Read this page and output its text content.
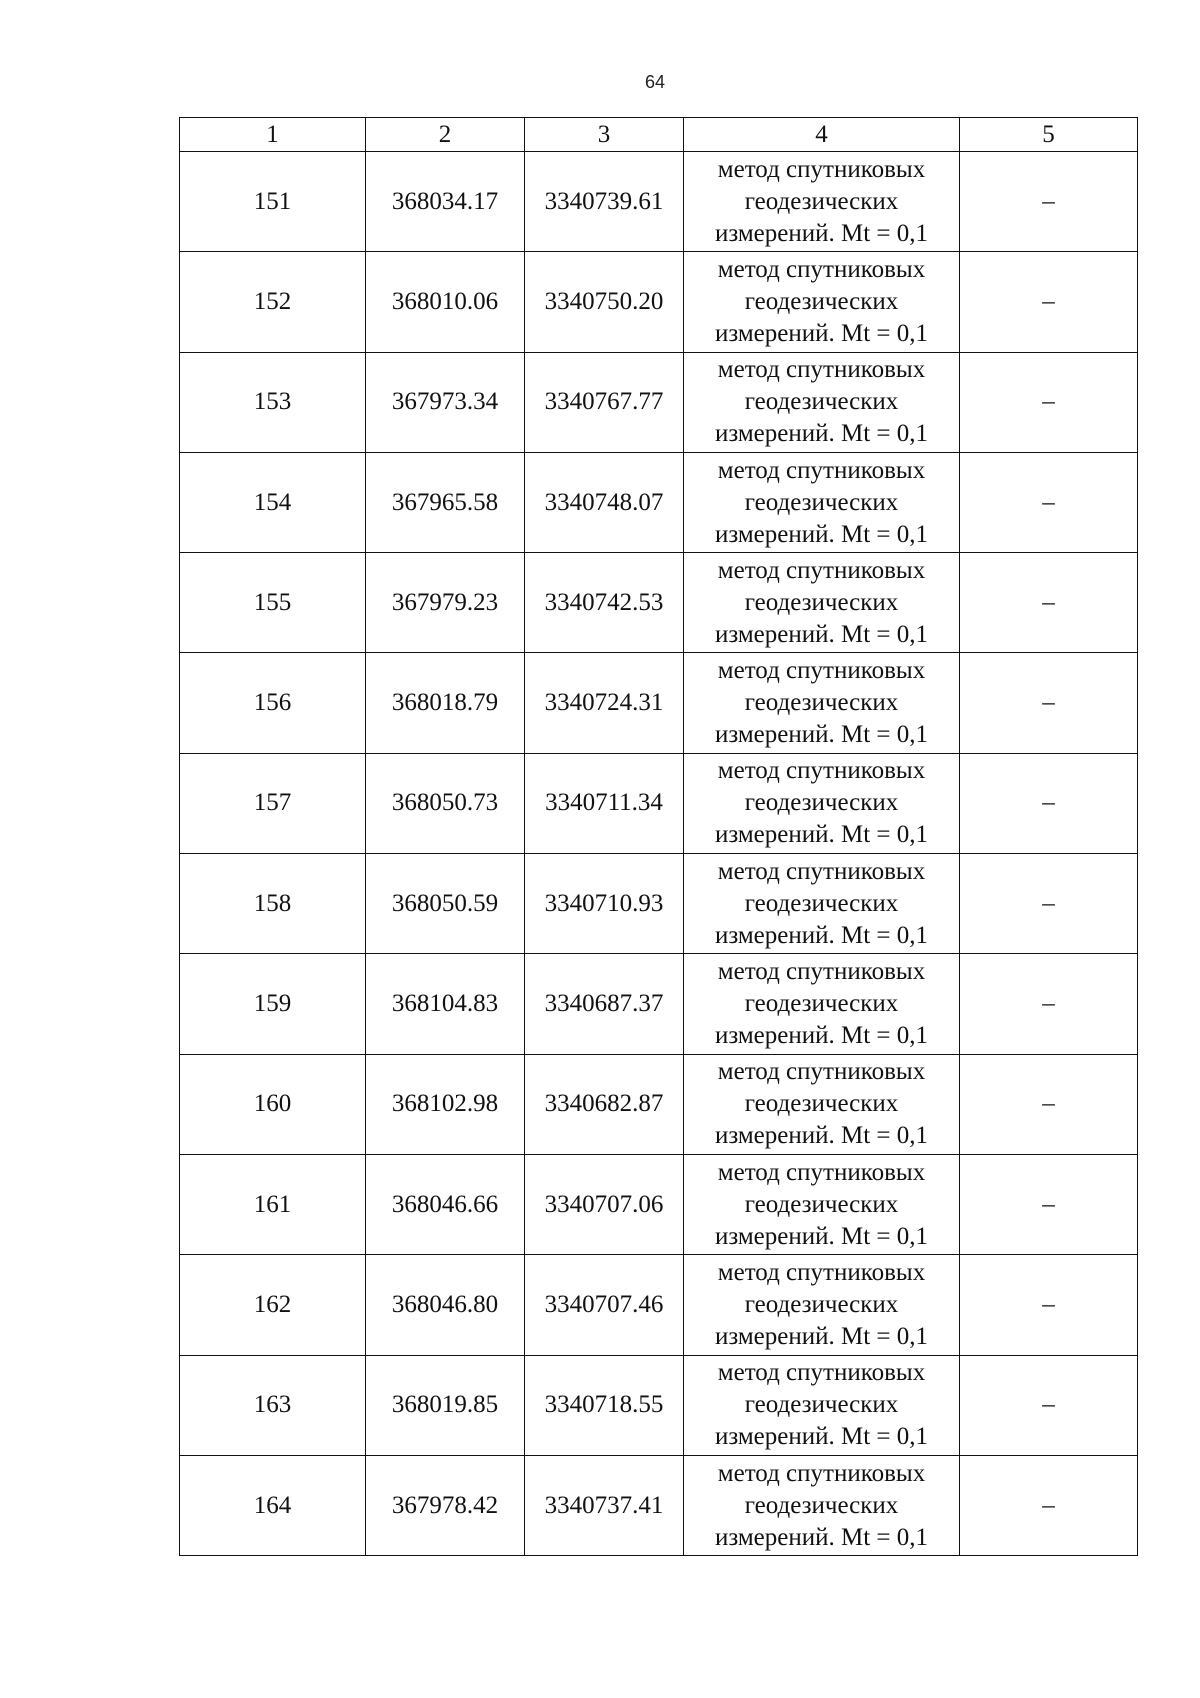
64
1	2	3	4	5
151	368034.17	3340739.61	метод спутниковых
геодезических
измерений. Mt = 0,1	–
152	368010.06	3340750.20	метод спутниковых
геодезических
измерений. Mt = 0,1	–
153	367973.34	3340767.77	метод спутниковых
геодезических
измерений. Mt = 0,1	–
154	367965.58	3340748.07	метод спутниковых
геодезических
измерений. Mt = 0,1	–
155	367979.23	3340742.53	метод спутниковых
геодезических
измерений. Mt = 0,1	–
156	368018.79	3340724.31	метод спутниковых
геодезических
измерений. Mt = 0,1	–
157	368050.73	3340711.34	метод спутниковых
геодезических
измерений. Mt = 0,1	–
158	368050.59	3340710.93	метод спутниковых
геодезических
измерений. Mt = 0,1	–
159	368104.83	3340687.37	метод спутниковых
геодезических
измерений. Mt = 0,1	–
160	368102.98	3340682.87	метод спутниковых
геодезических
измерений. Mt = 0,1	–
161	368046.66	3340707.06	метод спутниковых
геодезических
измерений. Mt = 0,1	–
162	368046.80	3340707.46	метод спутниковых
геодезических
измерений. Mt = 0,1	–
163	368019.85	3340718.55	метод спутниковых
геодезических
измерений. Mt = 0,1	–
164	367978.42	3340737.41	метод спутниковых
геодезических
измерений. Mt = 0,1	–
